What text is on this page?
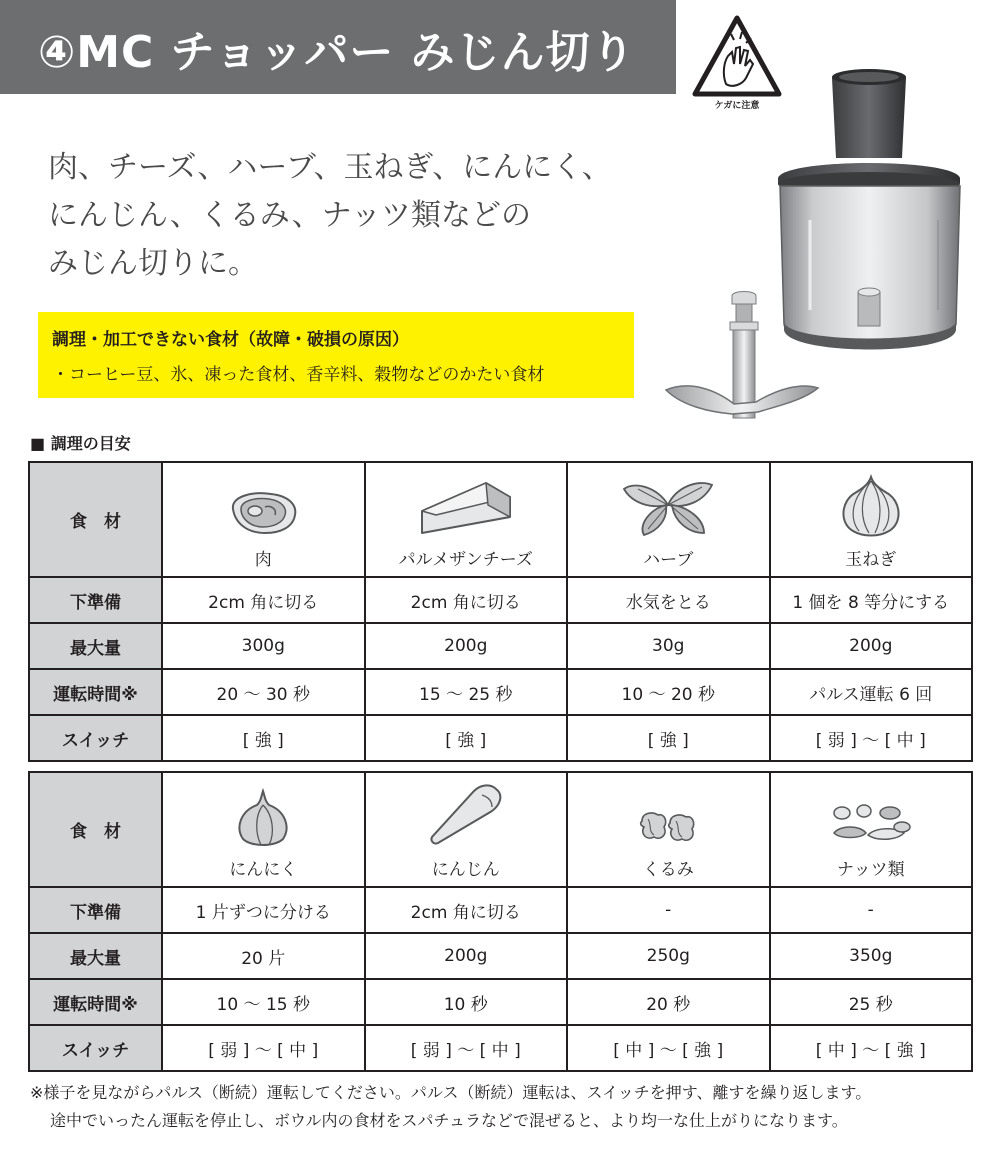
④MC チョッパー みじん切り
ケガに注意
肉、チーズ、ハーブ、玉ねぎ、にんにく、
にんじん、くるみ、ナッツ類などの
みじん切りに。
調理・加工できない食材（故障・破損の原因）
・コーヒー豆、氷、凍った食材、香辛料、穀物などのかたい食材
■ 調理の目安
食　材	肉	パルメザンチーズ	ハーブ	玉ねぎ
下準備	2cm 角に切る	2cm 角に切る	水気をとる	1 個を 8 等分にする
最大量	300g	200g	30g	200g
運転時間※	20 〜 30 秒	15 〜 25 秒	10 〜 20 秒	パルス運転 6 回
スイッチ	[ 強 ]	[ 強 ]	[ 強 ]	[ 弱 ] 〜 [ 中 ]
食　材	にんにく	にんじん	くるみ	ナッツ類
下準備	1 片ずつに分ける	2cm 角に切る	-	-
最大量	20 片	200g	250g	350g
運転時間※	10 〜 15 秒	10 秒	20 秒	25 秒
スイッチ	[ 弱 ] 〜 [ 中 ]	[ 弱 ] 〜 [ 中 ]	[ 中 ] 〜 [ 強 ]	[ 中 ] 〜 [ 強 ]
※様子を見ながらパルス（断続）運転してください。パルス（断続）運転は、スイッチを押す、離すを繰り返します。
途中でいったん運転を停止し、ボウル内の食材をスパチュラなどで混ぜると、より均一な仕上がりになります。
